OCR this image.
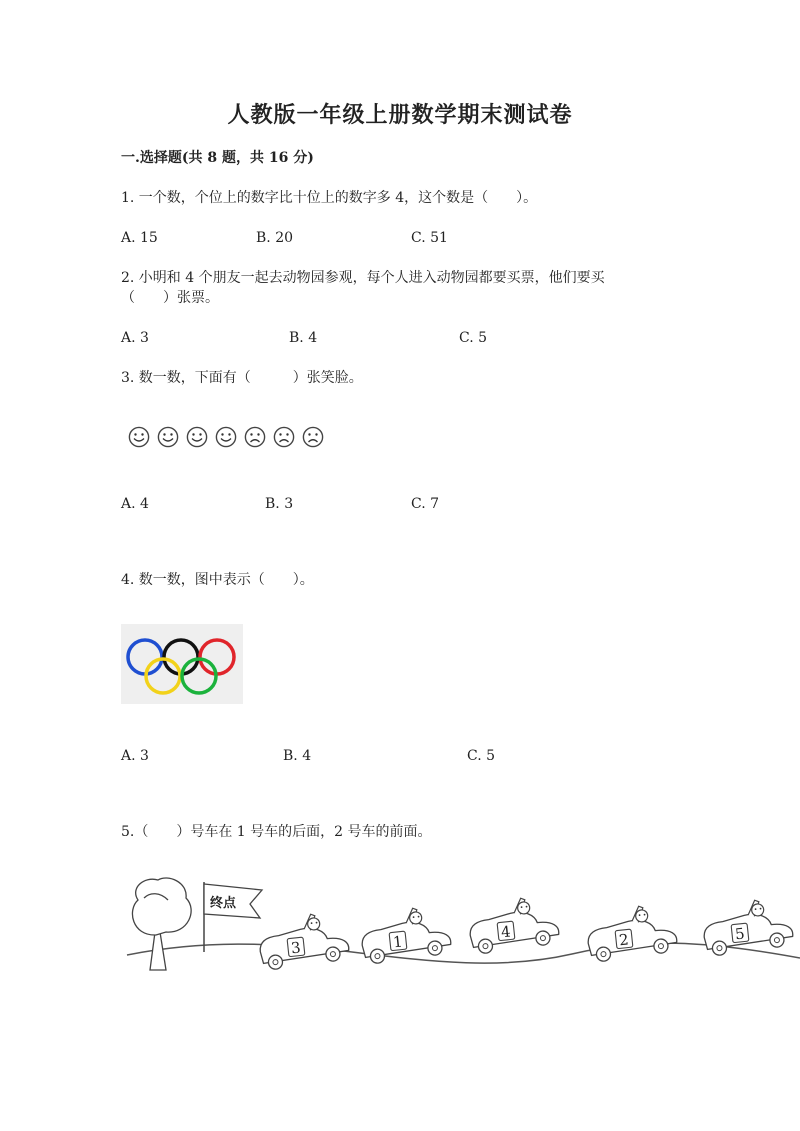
人教版一年级上册数学期末测试卷
一.选择题(共 8 题，共 16 分)
1. 一个数，个位上的数字比十位上的数字多 4，这个数是（　　）。
A. 15	B. 20	C. 51
2. 小明和 4 个朋友一起去动物园参观，每个人进入动物园都要买票，他们要买
（　　）张票。
A. 3	B. 4	C. 5
3. 数一数，下面有（　　　）张笑脸。
A. 4	B. 3	C. 7
4. 数一数，图中表示（　　）。
A. 3	B. 4	C. 5
5.（　　）号车在 1 号车的后面，2 号车的前面。
终点
3	1
4	2	5
